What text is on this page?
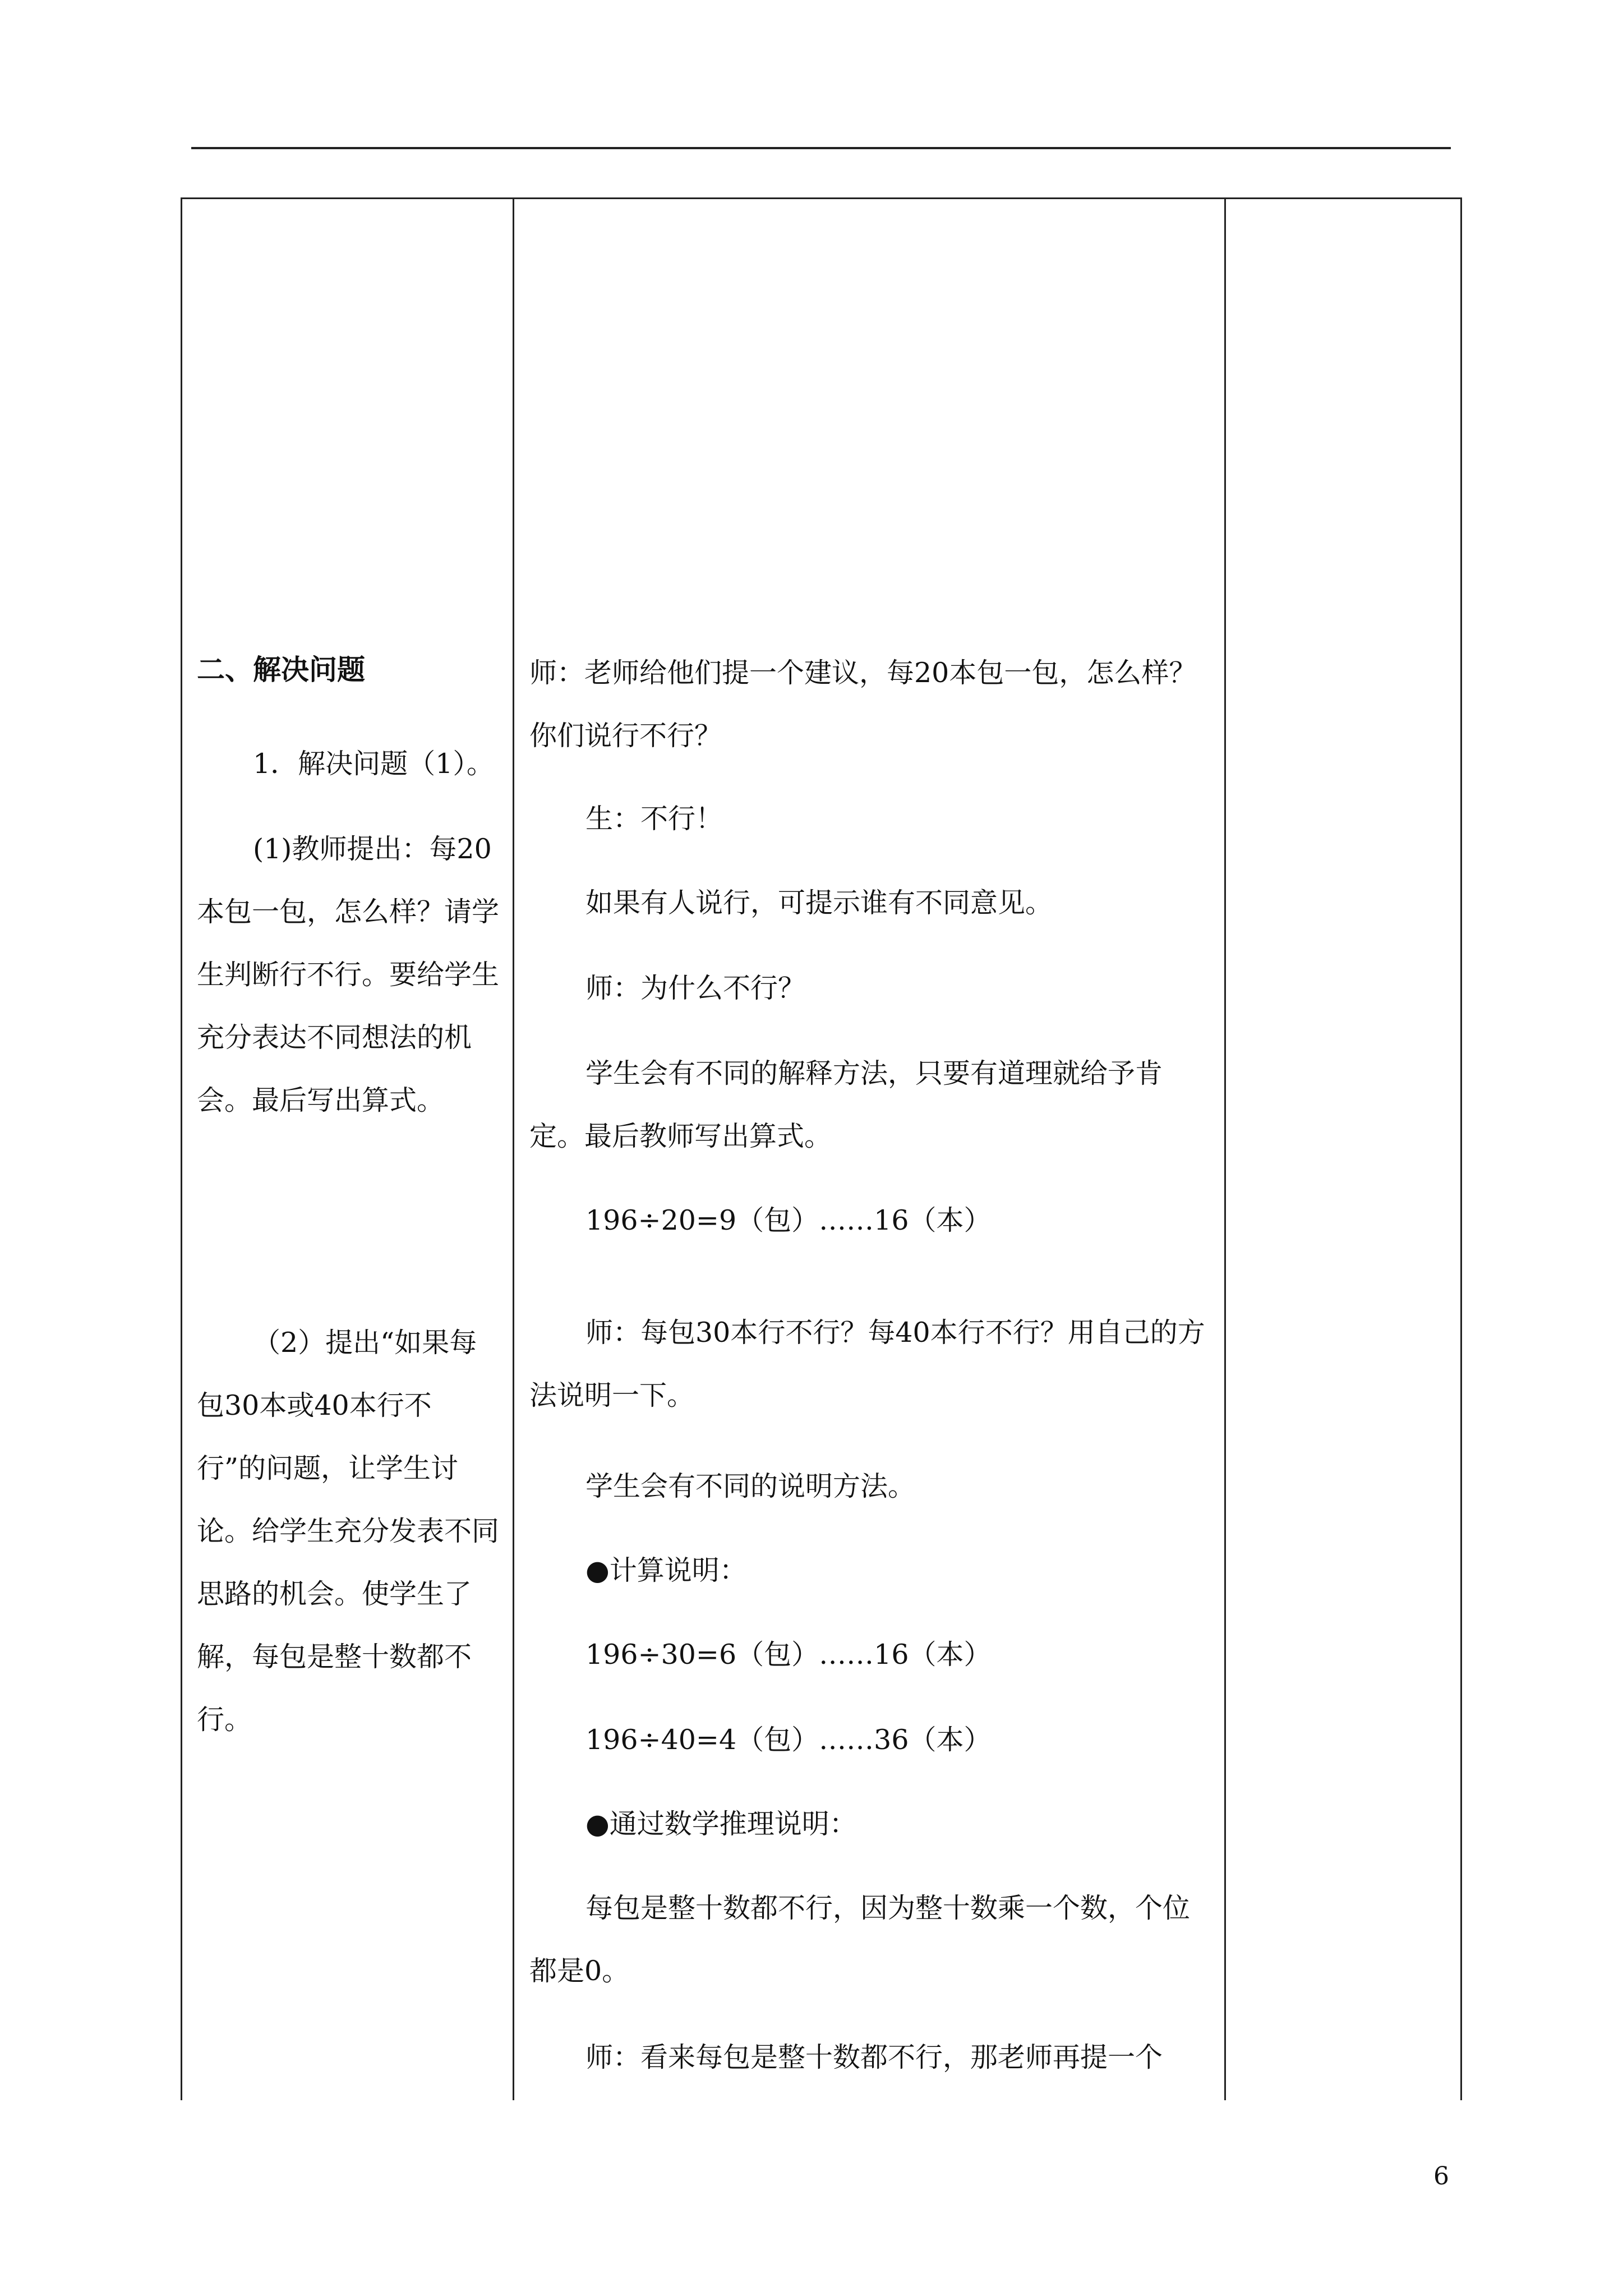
二、解决问题

1．解决问题（1）。

(1)教师提出：每20本包一包，怎么样？请学生判断行不行。要给学生充分表达不同想法的机会。最后写出算式。

（2）提出“如果每包30本或40本行不行”的问题，让学生讨论。给学生充分发表不同思路的机会。使学生了解，每包是整十数都不行。

师：老师给他们提一个建议，每20本包一包，怎么样？你们说行不行？

生：不行！

如果有人说行，可提示谁有不同意见。

师：为什么不行？

学生会有不同的解释方法，只要有道理就给予肯定。最后教师写出算式。

196÷20=9（包）……16（本）

师：每包30本行不行？每40本行不行？用自己的方法说明一下。

学生会有不同的说明方法。

●计算说明：

196÷30=6（包）……16（本）

196÷40=4（包）……36（本）

●通过数学推理说明：

每包是整十数都不行，因为整十数乘一个数，个位都是0。

师：看来每包是整十数都不行，那老师再提一个

6
